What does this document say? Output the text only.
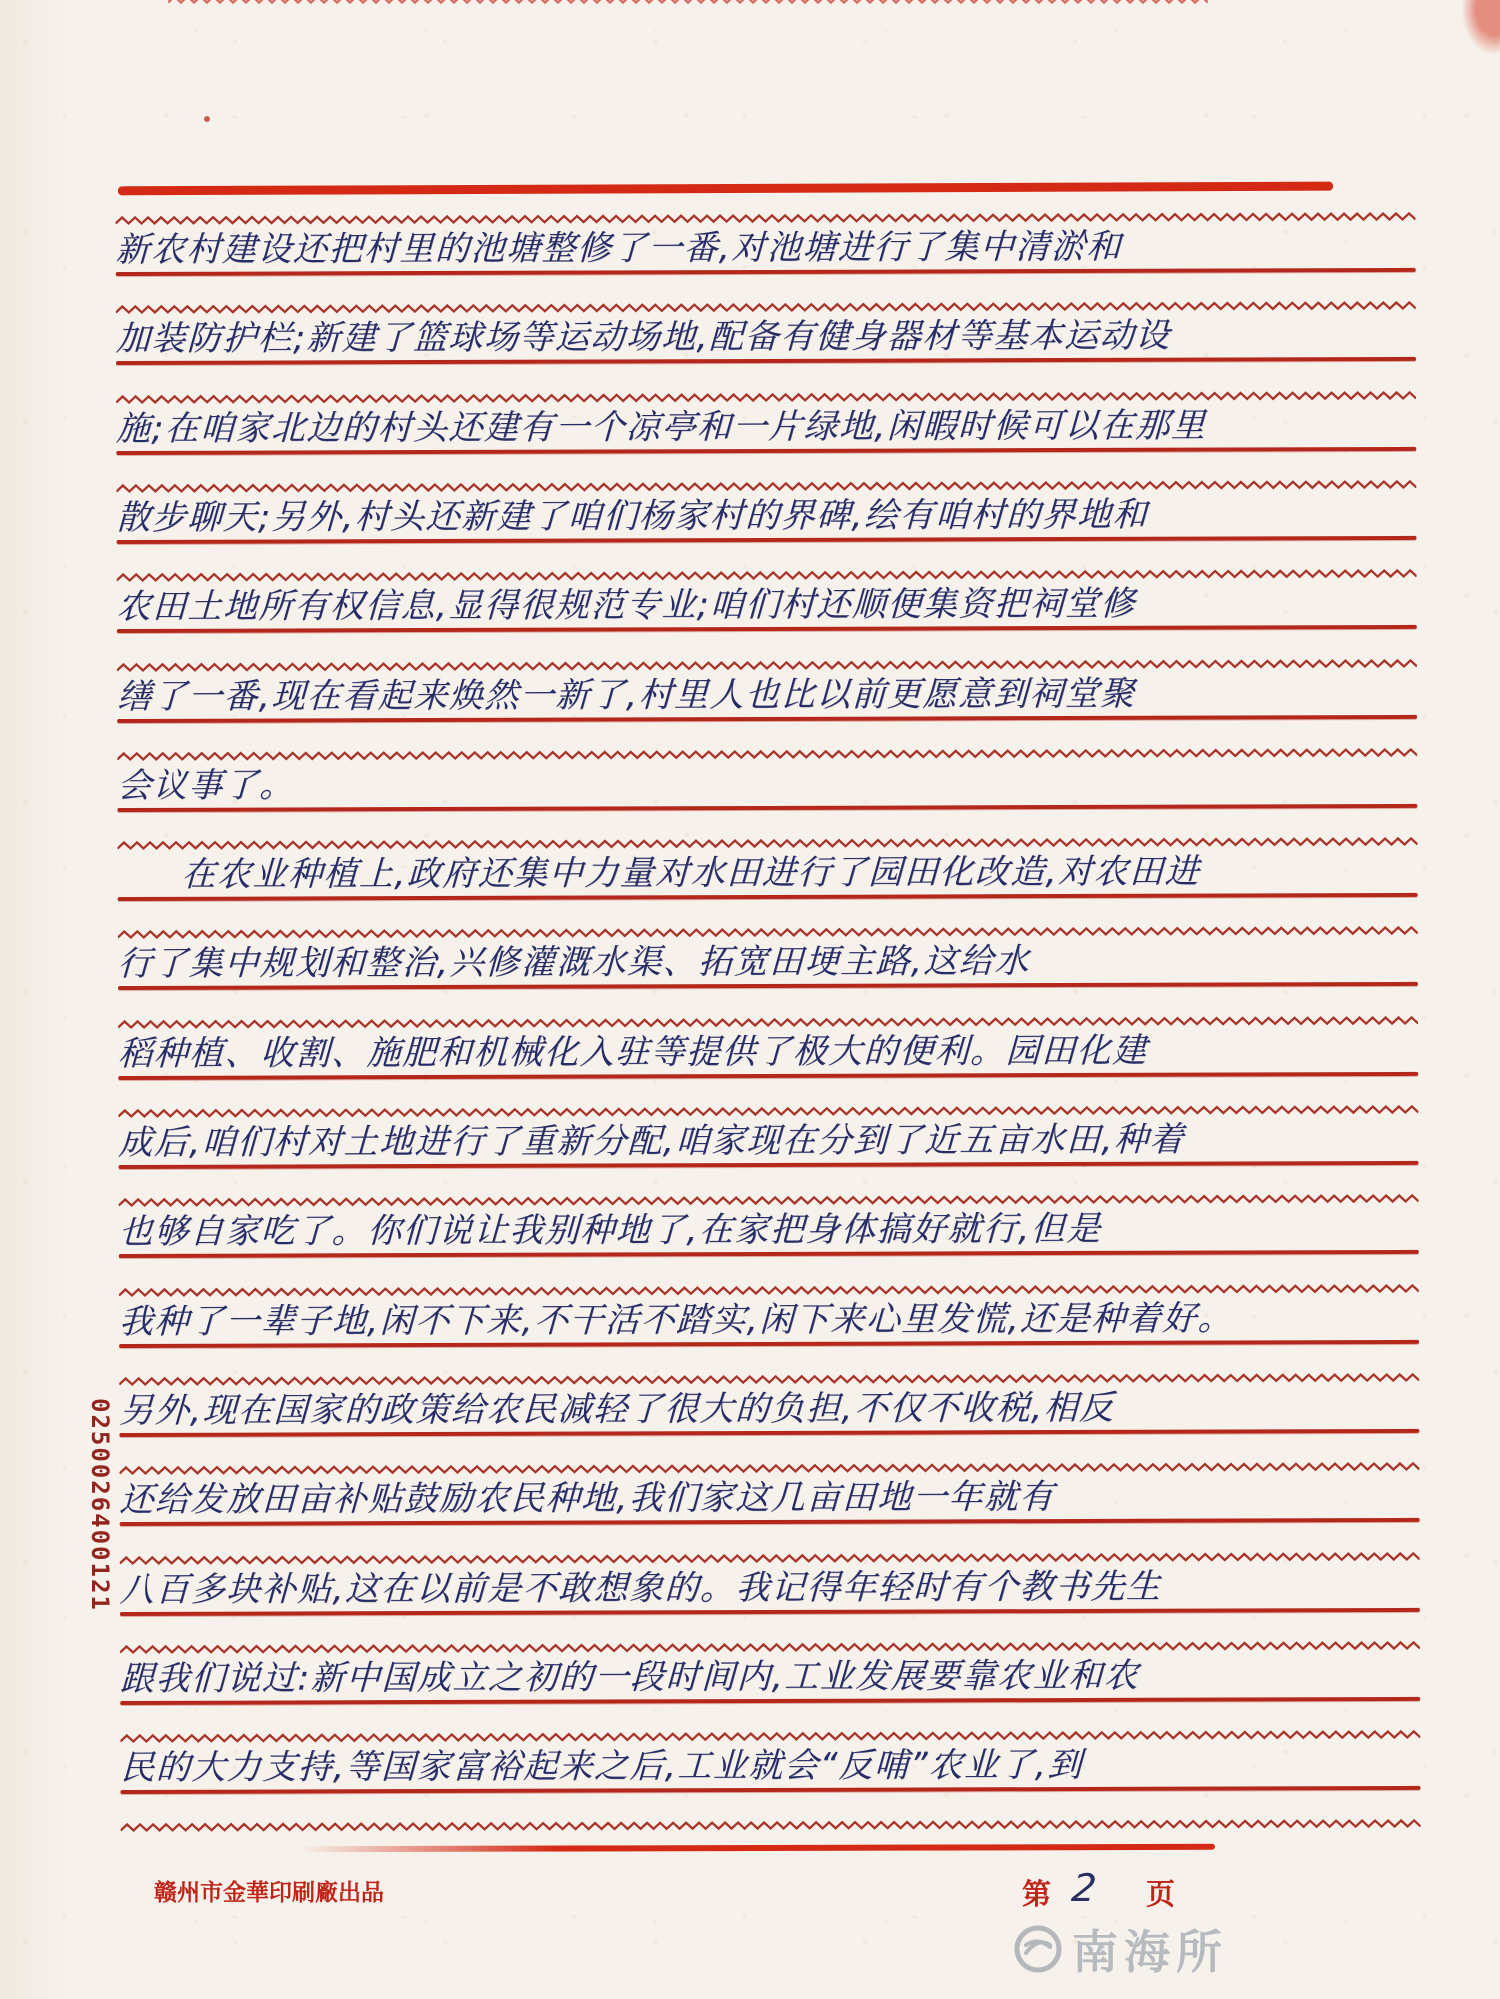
新农村建设还把村里的池塘整修了一番,对池塘进行了集中清淤和
加装防护栏;新建了篮球场等运动场地,配备有健身器材等基本运动设
施;在咱家北边的村头还建有一个凉亭和一片绿地,闲暇时候可以在那里
散步聊天;另外,村头还新建了咱们杨家村的界碑,绘有咱村的界地和
农田土地所有权信息,显得很规范专业;咱们村还顺便集资把祠堂修
缮了一番,现在看起来焕然一新了,村里人也比以前更愿意到祠堂聚
会议事了。
在农业种植上,政府还集中力量对水田进行了园田化改造,对农田进
行了集中规划和整治,兴修灌溉水渠、拓宽田埂主路,这给水
稻种植、收割、施肥和机械化入驻等提供了极大的便利。园田化建
成后,咱们村对土地进行了重新分配,咱家现在分到了近五亩水田,种着
也够自家吃了。你们说让我别种地了,在家把身体搞好就行,但是
我种了一辈子地,闲不下来,不干活不踏实,闲下来心里发慌,还是种着好。
另外,现在国家的政策给农民减轻了很大的负担,不仅不收税,相反
还给发放田亩补贴鼓励农民种地,我们家这几亩田地一年就有
八百多块补贴,这在以前是不敢想象的。我记得年轻时有个教书先生
跟我们说过:新中国成立之初的一段时间内,工业发展要靠农业和农
民的大力支持,等国家富裕起来之后,工业就会“反哺”农业了,到
0250026400121
赣州市金華印刷廠出品	第 2 页
南海所
